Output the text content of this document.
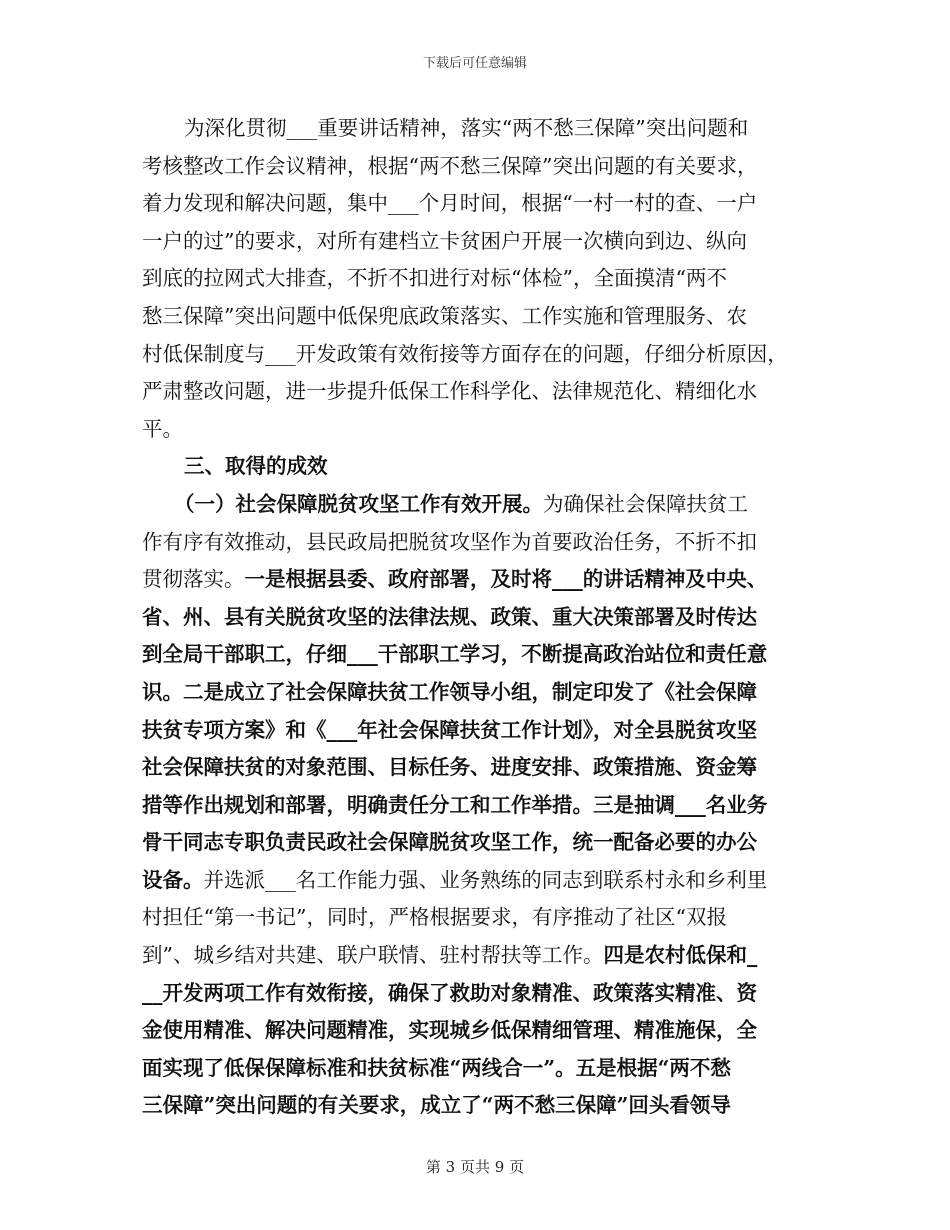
下载后可任意编辑
为深化贯彻___重要讲话精神，落实“两不愁三保障”突出问题和
考核整改工作会议精神，根据“两不愁三保障”突出问题的有关要求，
着力发现和解决问题，集中___个月时间，根据“一村一村的查、一户
一户的过”的要求，对所有建档立卡贫困户开展一次横向到边、纵向
到底的拉网式大排查，不折不扣进行对标“体检”，全面摸清“两不
愁三保障”突出问题中低保兜底政策落实、工作实施和管理服务、农
村低保制度与___开发政策有效衔接等方面存在的问题，仔细分析原因，
严肃整改问题，进一步提升低保工作科学化、法律规范化、精细化水
平。
三、取得的成效
（一）社会保障脱贫攻坚工作有效开展。为确保社会保障扶贫工
作有序有效推动，县民政局把脱贫攻坚作为首要政治任务，不折不扣
贯彻落实。一是根据县委、政府部署，及时将___的讲话精神及中央、
省、州、县有关脱贫攻坚的法律法规、政策、重大决策部署及时传达
到全局干部职工，仔细___干部职工学习，不断提高政治站位和责任意
识。二是成立了社会保障扶贫工作领导小组，制定印发了《社会保障
扶贫专项方案》和《___年社会保障扶贫工作计划》，对全县脱贫攻坚
社会保障扶贫的对象范围、目标任务、进度安排、政策措施、资金筹
措等作出规划和部署，明确责任分工和工作举措。三是抽调___名业务
骨干同志专职负责民政社会保障脱贫攻坚工作，统一配备必要的办公
设备。并选派___名工作能力强、业务熟练的同志到联系村永和乡利里
村担任“第一书记”，同时，严格根据要求，有序推动了社区“双报
到”、城乡结对共建、联户联情、驻村帮扶等工作。四是农村低保和_
__开发两项工作有效衔接，确保了救助对象精准、政策落实精准、资
金使用精准、解决问题精准，实现城乡低保精细管理、精准施保，全
面实现了低保保障标准和扶贫标准“两线合一”。五是根据“两不愁
三保障”突出问题的有关要求，成立了“两不愁三保障”回头看领导
第 3 页共 9 页
